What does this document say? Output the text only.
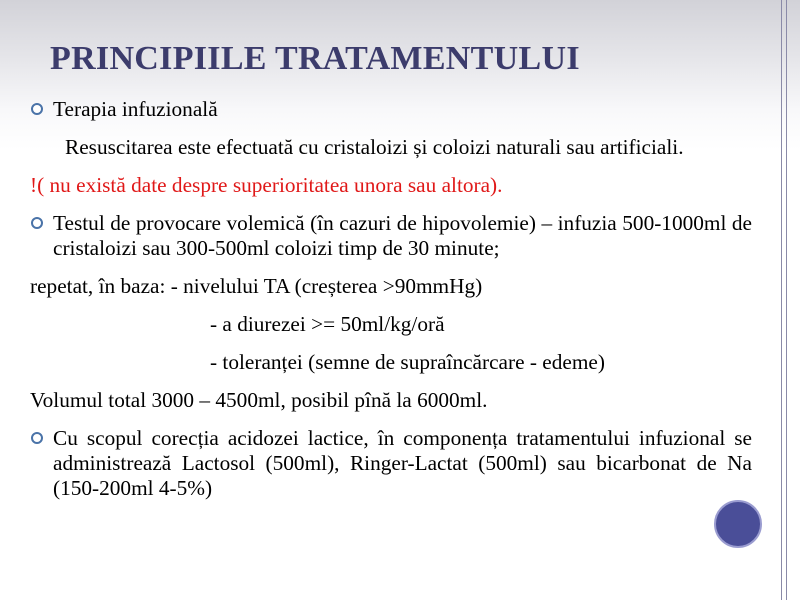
PRINCIPIILE TRATAMENTULUI
Terapia infuzională
Resuscitarea este efectuată cu cristaloizi și coloizi naturali sau artificiali.
!( nu există date despre superioritatea unora sau altora).
Testul de provocare volemică (în cazuri de hipovolemie) – infuzia 500-1000ml de cristaloizi sau 300-500ml coloizi timp de 30 minute;
repetat, în baza: - nivelului TA (creșterea >90mmHg)
- a diurezei >= 50ml/kg/oră
- toleranței (semne de supraîncărcare - edeme)
Volumul total 3000 – 4500ml, posibil pînă la 6000ml.
Cu scopul corecția acidozei lactice, în componența tratamentului infuzional se administrează Lactosol (500ml), Ringer-Lactat (500ml) sau bicarbonat de Na (150-200ml 4-5%)
